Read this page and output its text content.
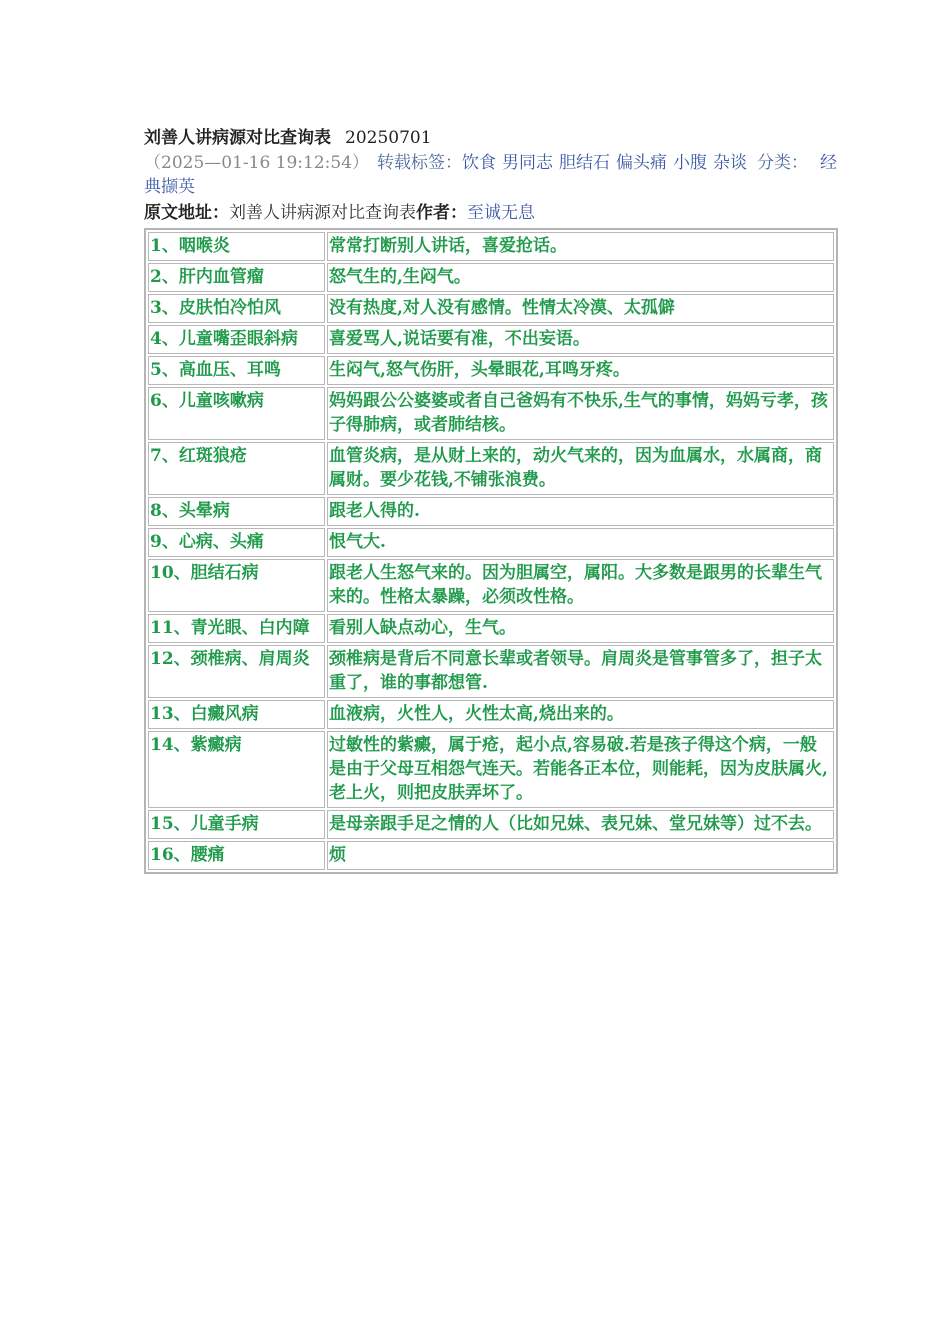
刘善人讲病源对比查询表 20250701
（2025—01-16 19:12:54） 转载标签：饮食 男同志 胆结石 偏头痛 小腹 杂谈 分类： 经典撷英
原文地址：刘善人讲病源对比查询表作者：至诚无息
1、咽喉炎	常常打断别人讲话，喜爱抢话。
2、肝内血管瘤	怒气生的,生闷气。
3、皮肤怕冷怕风	没有热度,对人没有感情。性情太冷漠、太孤僻
4、儿童嘴歪眼斜病	喜爱骂人,说话要有准，不出妄语。
5、高血压、耳鸣	生闷气,怒气伤肝，头晕眼花,耳鸣牙疼。
6、儿童咳嗽病	妈妈跟公公婆婆或者自己爸妈有不快乐,生气的事情，妈妈亏孝，孩子得肺病，或者肺结核。
7、红斑狼疮	血管炎病，是从财上来的，动火气来的，因为血属水，水属商，商属财。要少花钱,不铺张浪费。
8、头晕病	跟老人得的.
9、心病、头痛	恨气大.
10、胆结石病	跟老人生怒气来的。因为胆属空，属阳。大多数是跟男的长辈生气来的。性格太暴躁，必须改性格。
11、青光眼、白内障	看别人缺点动心，生气。
12、颈椎病、肩周炎	颈椎病是背后不同意长辈或者领导。肩周炎是管事管多了，担子太重了，谁的事都想管.
13、白癜风病	血液病，火性人，火性太高,烧出来的。
14、紫癜病	过敏性的紫癜，属于疮，起小点,容易破.若是孩子得这个病，一般是由于父母互相怨气连天。若能各正本位，则能耗，因为皮肤属火,老上火，则把皮肤弄坏了。
15、儿童手病	是母亲跟手足之情的人（比如兄妹、表兄妹、堂兄妹等）过不去。
16、腰痛	烦
